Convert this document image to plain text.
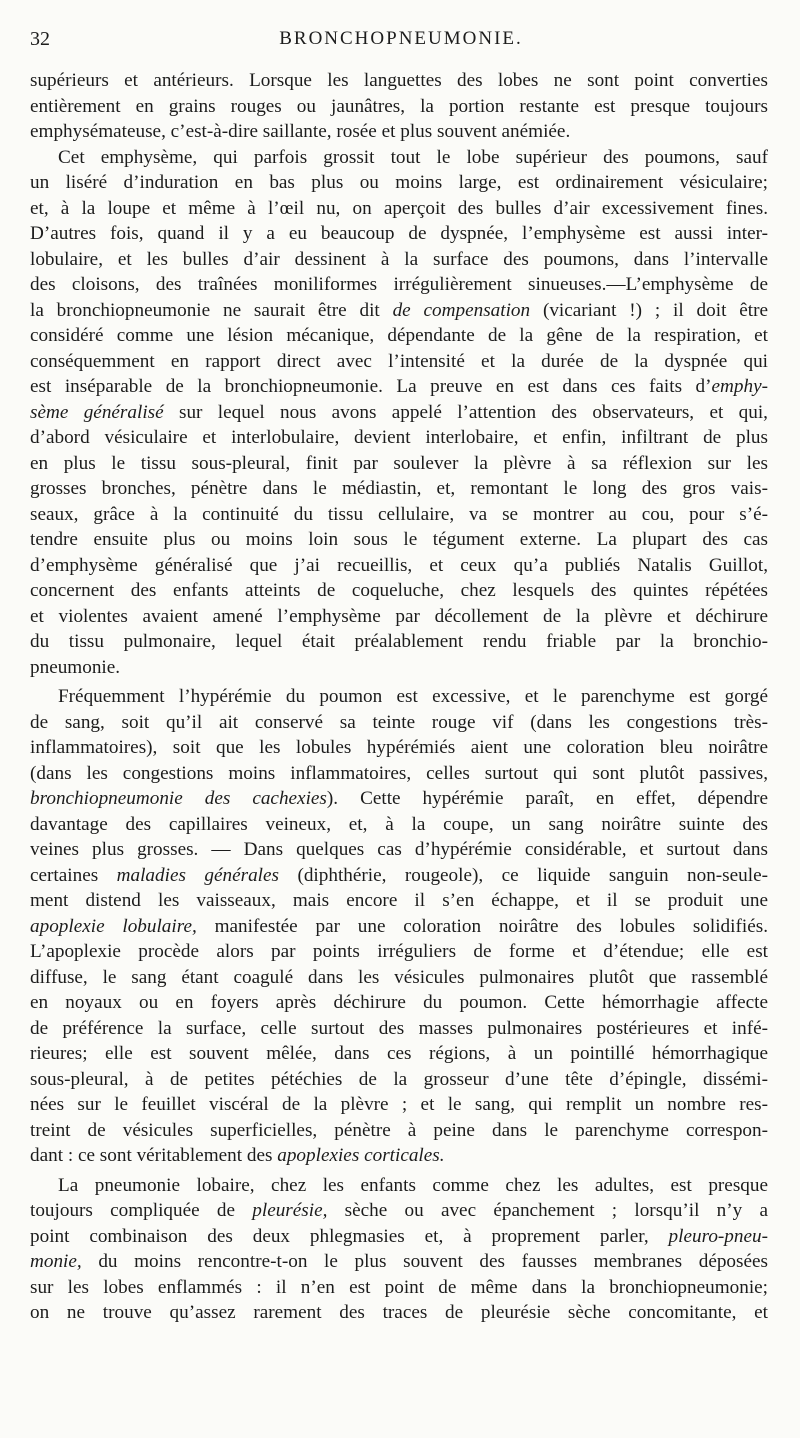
32	BRONCHOPNEUMONIE.
supérieurs et antérieurs. Lorsque les languettes des lobes ne sont point converties
entièrement en grains rouges ou jaunâtres, la portion restante est presque toujours
emphysémateuse, c’est-à-dire saillante, rosée et plus souvent anémiée.
Cet emphysème, qui parfois grossit tout le lobe supérieur des poumons, sauf
un liséré d’induration en bas plus ou moins large, est ordinairement vésiculaire;
et, à la loupe et même à l’œil nu, on aperçoit des bulles d’air excessivement fines.
D’autres fois, quand il y a eu beaucoup de dyspnée, l’emphysème est aussi inter-
lobulaire, et les bulles d’air dessinent à la surface des poumons, dans l’intervalle
des cloisons, des traînées moniliformes irrégulièrement sinueuses.—L’emphysème de
la bronchiopneumonie ne saurait être dit de compensation (vicariant !) ; il doit être
considéré comme une lésion mécanique, dépendante de la gêne de la respiration, et
conséquemment en rapport direct avec l’intensité et la durée de la dyspnée qui
est inséparable de la bronchiopneumonie. La preuve en est dans ces faits d’emphy-
sème généralisé sur lequel nous avons appelé l’attention des observateurs, et qui,
d’abord vésiculaire et interlobulaire, devient interlobaire, et enfin, infiltrant de plus
en plus le tissu sous-pleural, finit par soulever la plèvre à sa réflexion sur les
grosses bronches, pénètre dans le médiastin, et, remontant le long des gros vais-
seaux, grâce à la continuité du tissu cellulaire, va se montrer au cou, pour s’é-
tendre ensuite plus ou moins loin sous le tégument externe. La plupart des cas
d’emphysème généralisé que j’ai recueillis, et ceux qu’a publiés Natalis Guillot,
concernent des enfants atteints de coqueluche, chez lesquels des quintes répétées
et violentes avaient amené l’emphysème par décollement de la plèvre et déchirure
du tissu pulmonaire, lequel était préalablement rendu friable par la bronchio-
pneumonie.
Fréquemment l’hypérémie du poumon est excessive, et le parenchyme est gorgé
de sang, soit qu’il ait conservé sa teinte rouge vif (dans les congestions très-
inflammatoires), soit que les lobules hypérémiés aient une coloration bleu noirâtre
(dans les congestions moins inflammatoires, celles surtout qui sont plutôt passives,
bronchiopneumonie des cachexies). Cette hypérémie paraît, en effet, dépendre
davantage des capillaires veineux, et, à la coupe, un sang noirâtre suinte des
veines plus grosses. — Dans quelques cas d’hypérémie considérable, et surtout dans
certaines maladies générales (diphthérie, rougeole), ce liquide sanguin non-seule-
ment distend les vaisseaux, mais encore il s’en échappe, et il se produit une
apoplexie lobulaire, manifestée par une coloration noirâtre des lobules solidifiés.
L’apoplexie procède alors par points irréguliers de forme et d’étendue; elle est
diffuse, le sang étant coagulé dans les vésicules pulmonaires plutôt que rassemblé
en noyaux ou en foyers après déchirure du poumon. Cette hémorrhagie affecte
de préférence la surface, celle surtout des masses pulmonaires postérieures et infé-
rieures; elle est souvent mêlée, dans ces régions, à un pointillé hémorrhagique
sous-pleural, à de petites pétéchies de la grosseur d’une tête d’épingle, dissémi-
nées sur le feuillet viscéral de la plèvre ; et le sang, qui remplit un nombre res-
treint de vésicules superficielles, pénètre à peine dans le parenchyme correspon-
dant : ce sont véritablement des apoplexies corticales.
La pneumonie lobaire, chez les enfants comme chez les adultes, est presque
toujours compliquée de pleurésie, sèche ou avec épanchement ; lorsqu’il n’y a
point combinaison des deux phlegmasies et, à proprement parler, pleuro-pneu-
monie, du moins rencontre-t-on le plus souvent des fausses membranes déposées
sur les lobes enflammés : il n’en est point de même dans la bronchiopneumonie;
on ne trouve qu’assez rarement des traces de pleurésie sèche concomitante, et
